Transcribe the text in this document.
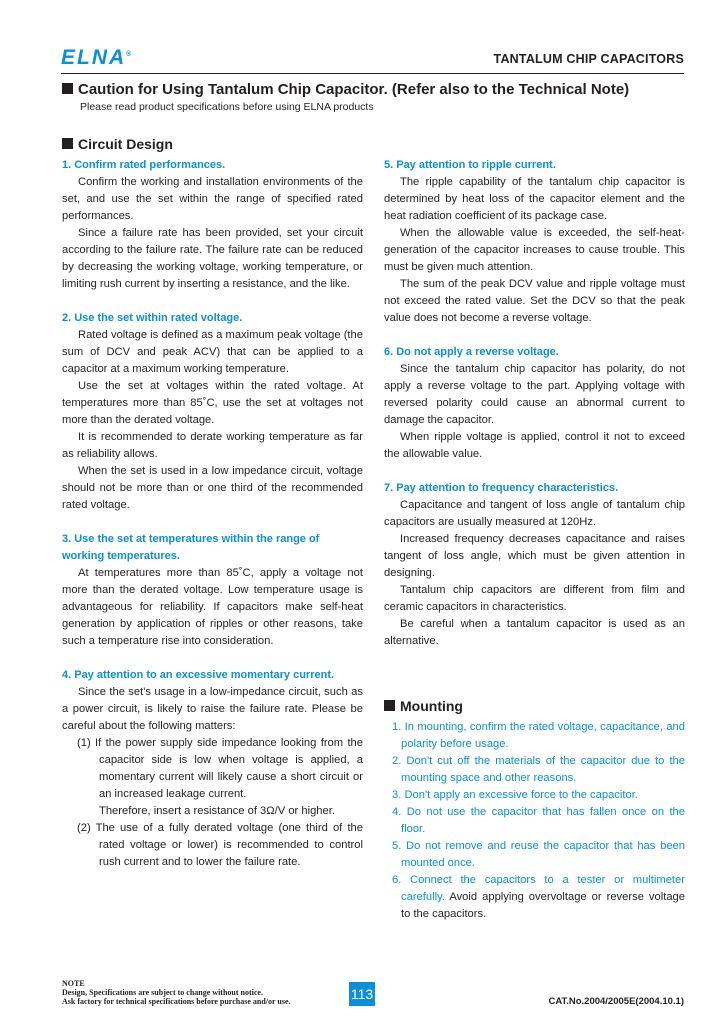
ELNA®	TANTALUM CHIP CAPACITORS
Caution for Using Tantalum Chip Capacitor. (Refer also to the Technical Note)
Please read product specifications before using ELNA products
Circuit Design
1. Confirm rated performances.

Confirm the working and installation environments of the set, and use the set within the range of specified rated performances.

Since a failure rate has been provided, set your circuit according to the failure rate. The failure rate can be reduced by decreasing the working voltage, working temperature, or limiting rush current by inserting a resistance, and the like.

2. Use the set within rated voltage.

Rated voltage is defined as a maximum peak voltage (the sum of DCV and peak ACV) that can be applied to a capacitor at a maximum working temperature.

Use the set at voltages within the rated voltage. At temperatures more than 85˚C, use the set at voltages not more than the derated voltage.

It is recommended to derate working temperature as far as reliability allows.

When the set is used in a low impedance circuit, voltage should not be more than or one third of the recommended rated voltage.

3. Use the set at temperatures within the range of working temperatures.

At temperatures more than 85˚C, apply a voltage not more than the derated voltage. Low temperature usage is advantageous for reliability. If capacitors make self-heat generation by application of ripples or other reasons, take such a temperature rise into consideration.

4. Pay attention to an excessive momentary current.

Since the set's usage in a low-impedance circuit, such as a power circuit, is likely to raise the failure rate. Please be careful about the following matters:

(1) If the power supply side impedance looking from the capacitor side is low when voltage is applied, a momentary current will likely cause a short circuit or an increased leakage current.
Therefore, insert a resistance of 3Ω/V or higher.
(2) The use of a fully derated voltage (one third of the rated voltage or lower) is recommended to control rush current and to lower the failure rate.
5. Pay attention to ripple current.

The ripple capability of the tantalum chip capacitor is determined by heat loss of the capacitor element and the heat radiation coefficient of its package case.

When the allowable value is exceeded, the self-heat-generation of the capacitor increases to cause trouble. This must be given much attention.

The sum of the peak DCV value and ripple voltage must not exceed the rated value. Set the DCV so that the peak value does not become a reverse voltage.

6. Do not apply a reverse voltage.

Since the tantalum chip capacitor has polarity, do not apply a reverse voltage to the part. Applying voltage with reversed polarity could cause an abnormal current to damage the capacitor.

When ripple voltage is applied, control it not to exceed the allowable value.

7. Pay attention to frequency characteristics.

Capacitance and tangent of loss angle of tantalum chip capacitors are usually measured at 120Hz.

Increased frequency decreases capacitance and raises tangent of loss angle, which must be given attention in designing.

Tantalum chip capacitors are different from film and ceramic capacitors in characteristics.

Be careful when a tantalum capacitor is used as an alternative.

Mounting
1. In mounting, confirm the rated voltage, capacitance, and polarity before usage.
2. Don't cut off the materials of the capacitor due to the mounting space and other reasons.
3. Don't apply an excessive force to the capacitor.
4. Do not use the capacitor that has fallen once on the floor.
5. Do not remove and reuse the capacitor that has been mounted once.
6. Connect the capacitors to a tester or multimeter carefully. Avoid applying overvoltage or reverse voltage to the capacitors.
NOTE
Design, Specifications are subject to change without notice.
Ask factory for technical specifications before purchase and/or use.	113	CAT.No.2004/2005E(2004.10.1)
